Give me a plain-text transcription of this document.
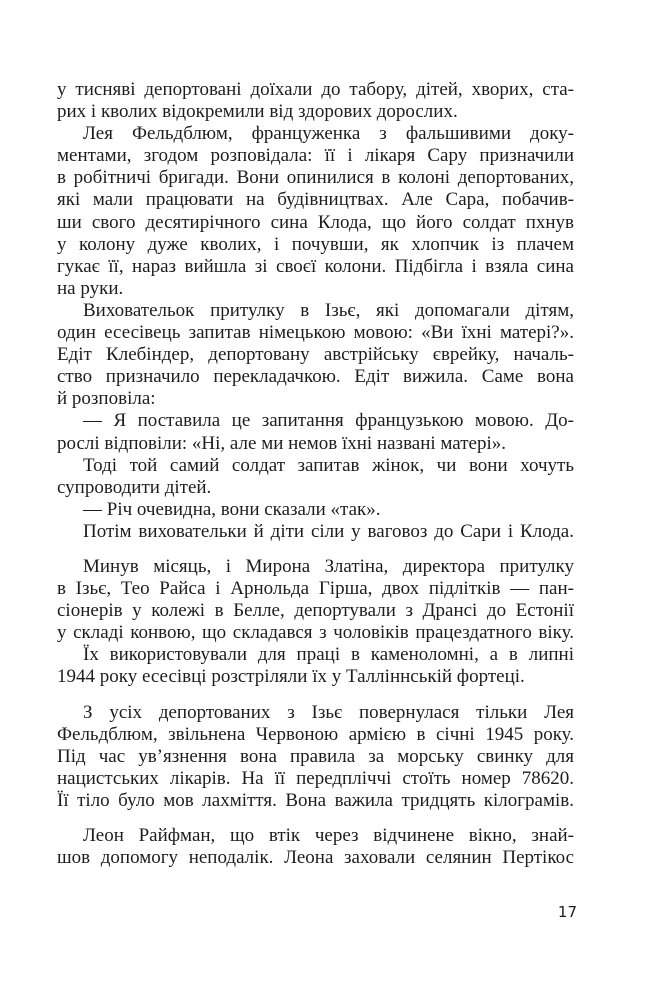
у тисняві депортовані доїхали до табору, дітей, хворих, ста-
рих і кволих відокремили від здорових дорослих.
Лея Фельдблюм, француженка з фальшивими доку-
ментами, згодом розповідала: її і лікаря Сару призначили
в робітничі бригади. Вони опинилися в колоні депортованих,
які мали працювати на будівництвах. Але Сара, побачив-
ши свого десятирічного сина Клода, що його солдат пхнув
у колону дуже кволих, і почувши, як хлопчик із плачем
гукає її, нараз вийшла зі своєї колони. Підбігла і взяла сина
на руки.
Виховательок притулку в Ізьє, які допомагали дітям,
один есесівець запитав німецькою мовою: «Ви їхні матері?».
Едіт Клебіндер, депортовану австрійську єврейку, началь-
ство призначило перекладачкою. Едіт вижила. Саме вона
й розповіла:
— Я поставила це запитання французькою мовою. До-
рослі відповіли: «Ні, але ми немов їхні названі матері».
Тоді той самий солдат запитав жінок, чи вони хочуть
супроводити дітей.
— Річ очевидна, вони сказали «так».
Потім виховательки й діти сіли у ваговоз до Сари і Клода.
Минув місяць, і Мирона Златіна, директора притулку
в Ізьє, Тео Райса і Арнольда Гірша, двох підлітків — пан-
сіонерів у колежі в Белле, депортували з Дрансі до Естонії
у складі конвою, що складався з чоловіків працездатного віку.
Їх використовували для праці в каменоломні, а в липні
1944 року есесівці розстріляли їх у Талліннській фортеці.
З усіх депортованих з Ізьє повернулася тільки Лея
Фельдблюм, звільнена Червоною армією в січні 1945 року.
Під час ув’язнення вона правила за морську свинку для
нацистських лікарів. На її передпліччі стоїть номер 78620.
Її тіло було мов лахміття. Вона важила тридцять кілограмів.
Леон Райфман, що втік через відчинене вікно, знай-
шов допомогу неподалік. Леона заховали селянин Пертікос
17
